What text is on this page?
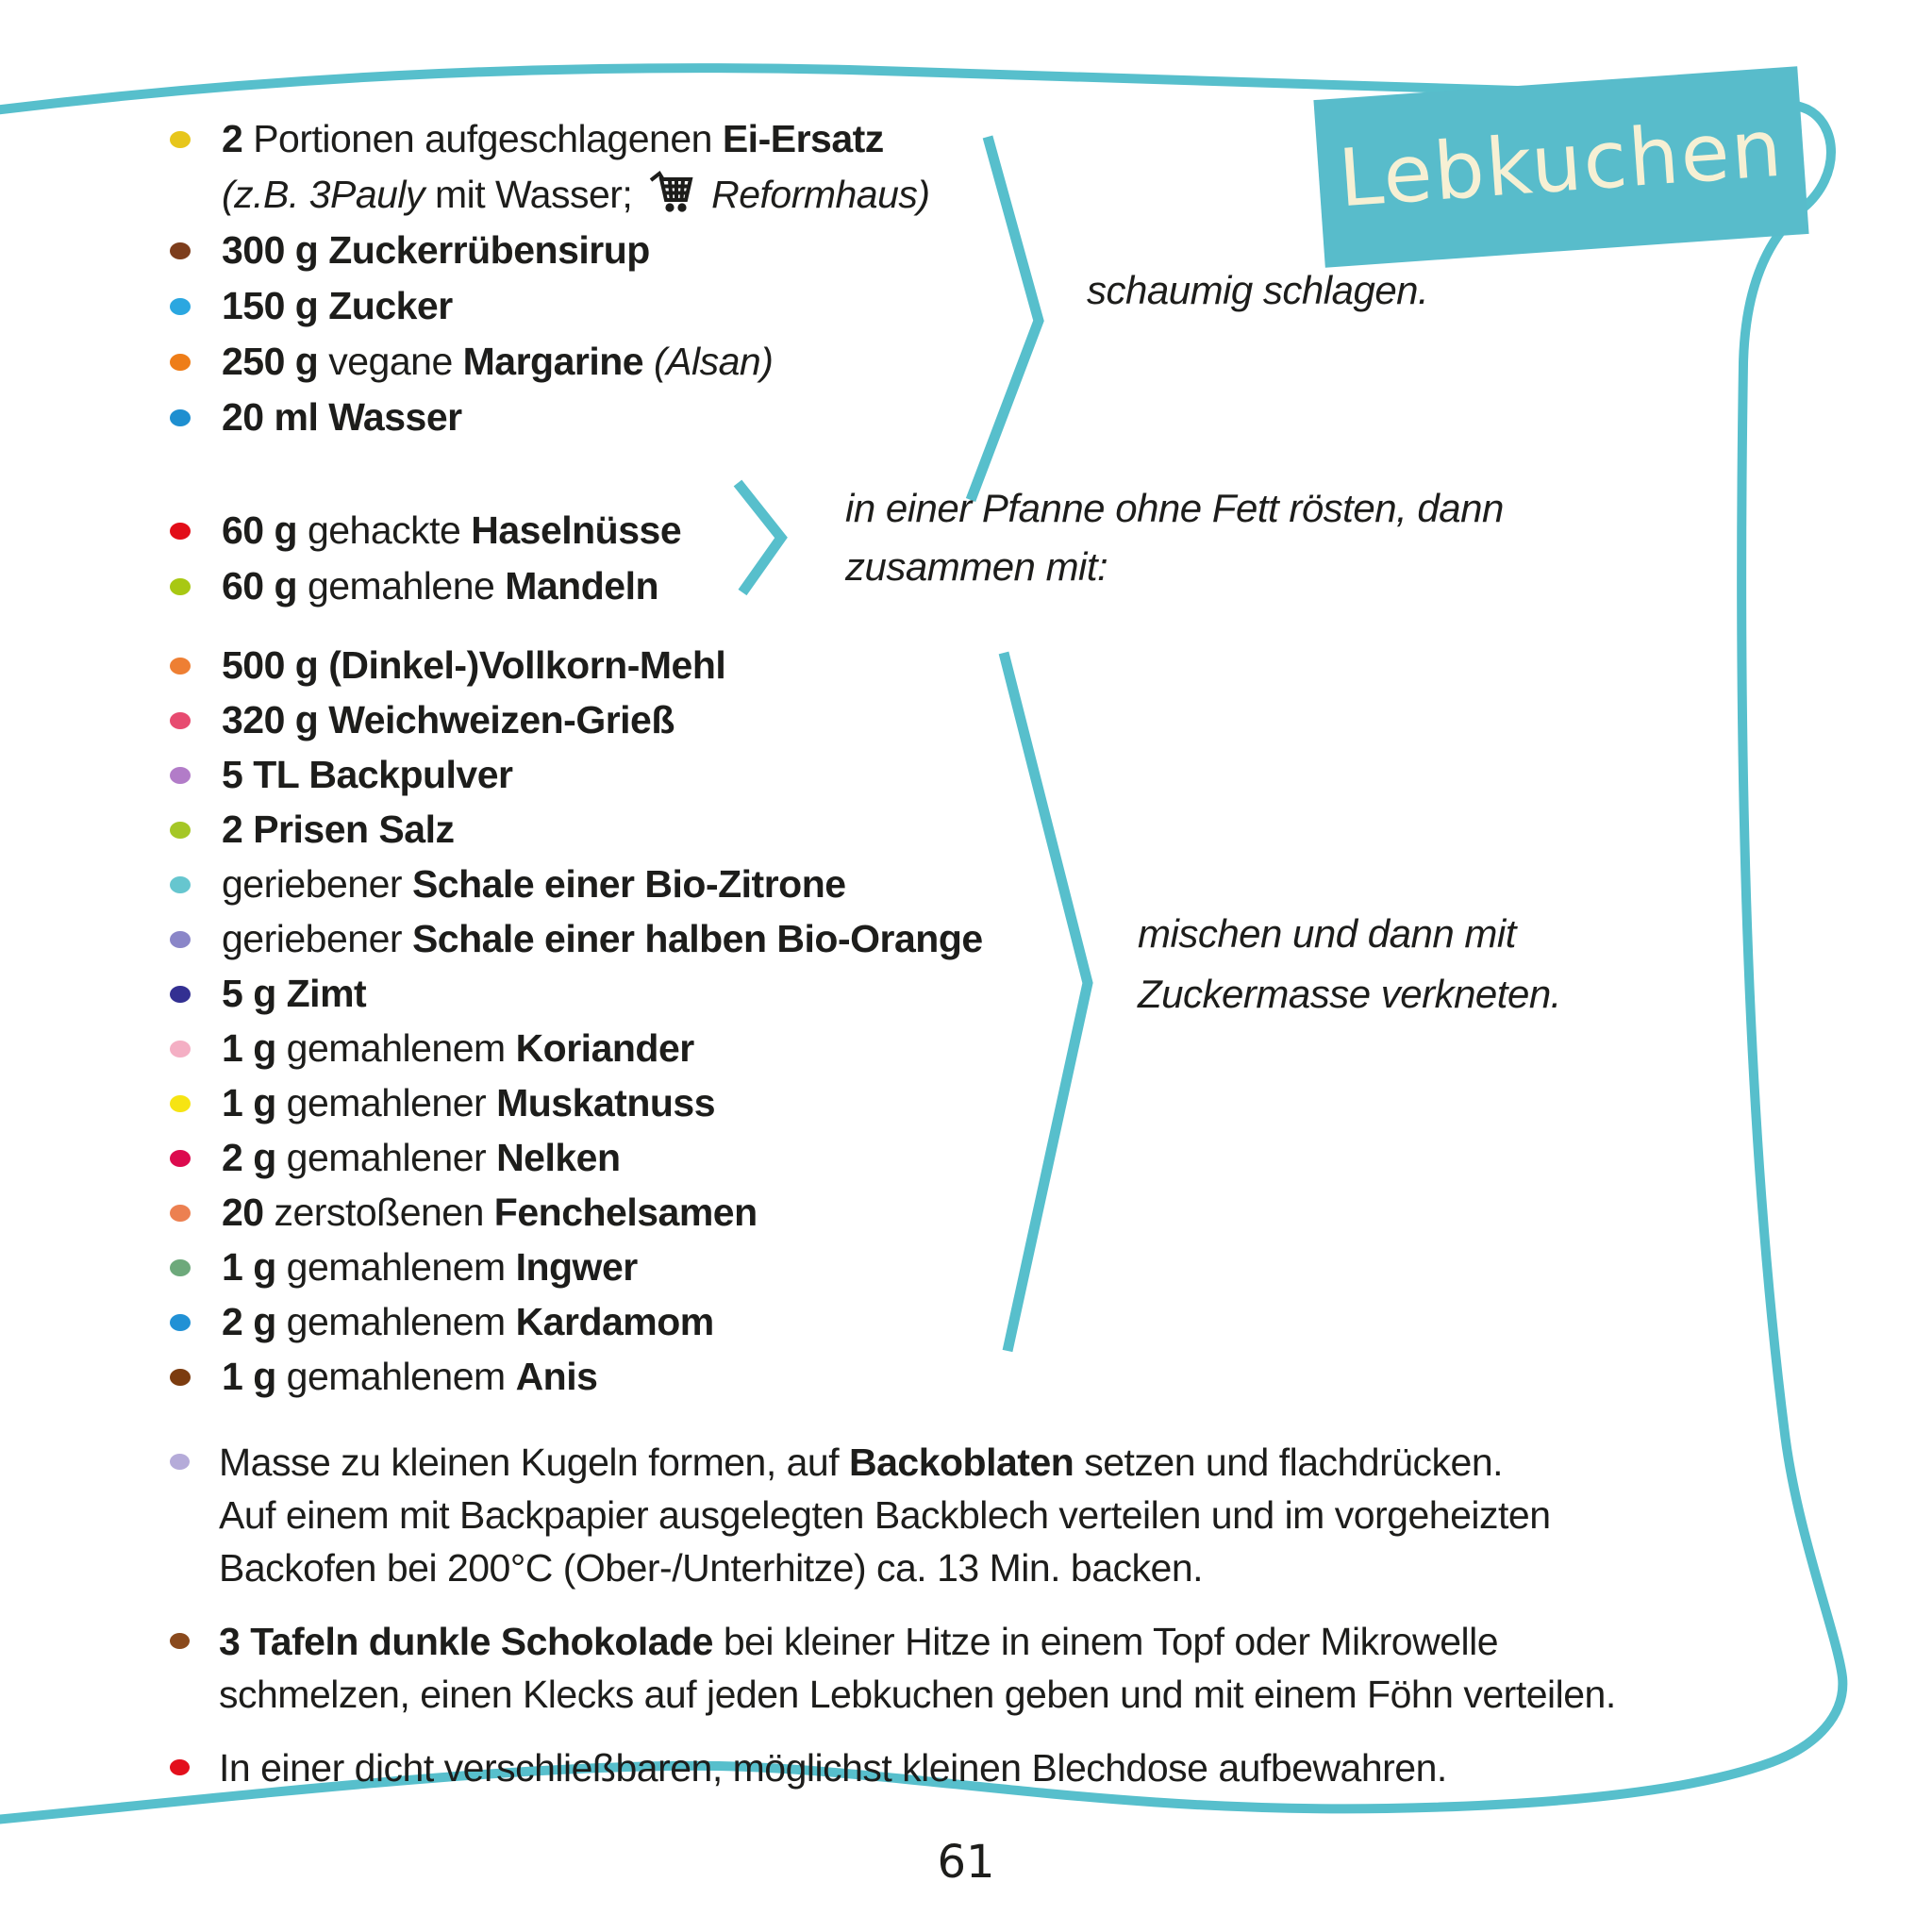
Lebkuchen
2 Portionen aufgeschlagenen Ei-Ersatz
(z.B. 3Pauly mit Wasser;  Reformhaus)
300 g Zuckerrübensirup
150 g Zucker
250 g vegane Margarine (Alsan)
20 ml Wasser
60 g gehackte Haselnüsse
60 g gemahlene Mandeln
500 g (Dinkel-)Vollkorn-Mehl
320 g Weichweizen-Grieß
5 TL Backpulver
2 Prisen Salz
geriebener Schale einer Bio-Zitrone
geriebener Schale einer halben Bio-Orange
5 g Zimt
1 g gemahlenem Koriander
1 g gemahlener Muskatnuss
2 g gemahlener Nelken
20 zerstoßenen Fenchelsamen
1 g gemahlenem Ingwer
2 g gemahlenem Kardamom
1 g gemahlenem Anis
schaumig schlagen.
in einer Pfanne ohne Fett rösten, dann
zusammen mit:
mischen und dann mit
Zuckermasse verkneten.
Masse zu kleinen Kugeln formen, auf Backoblaten setzen und flachdrücken.
Auf einem mit Backpapier ausgelegten Backblech verteilen und im vorgeheizten
Backofen bei 200°C (Ober-/Unterhitze) ca. 13 Min. backen.
3 Tafeln dunkle Schokolade bei kleiner Hitze in einem Topf oder Mikrowelle
schmelzen, einen Klecks auf jeden Lebkuchen geben und mit einem Föhn verteilen.
In einer dicht verschließbaren, möglichst kleinen Blechdose aufbewahren.
61
